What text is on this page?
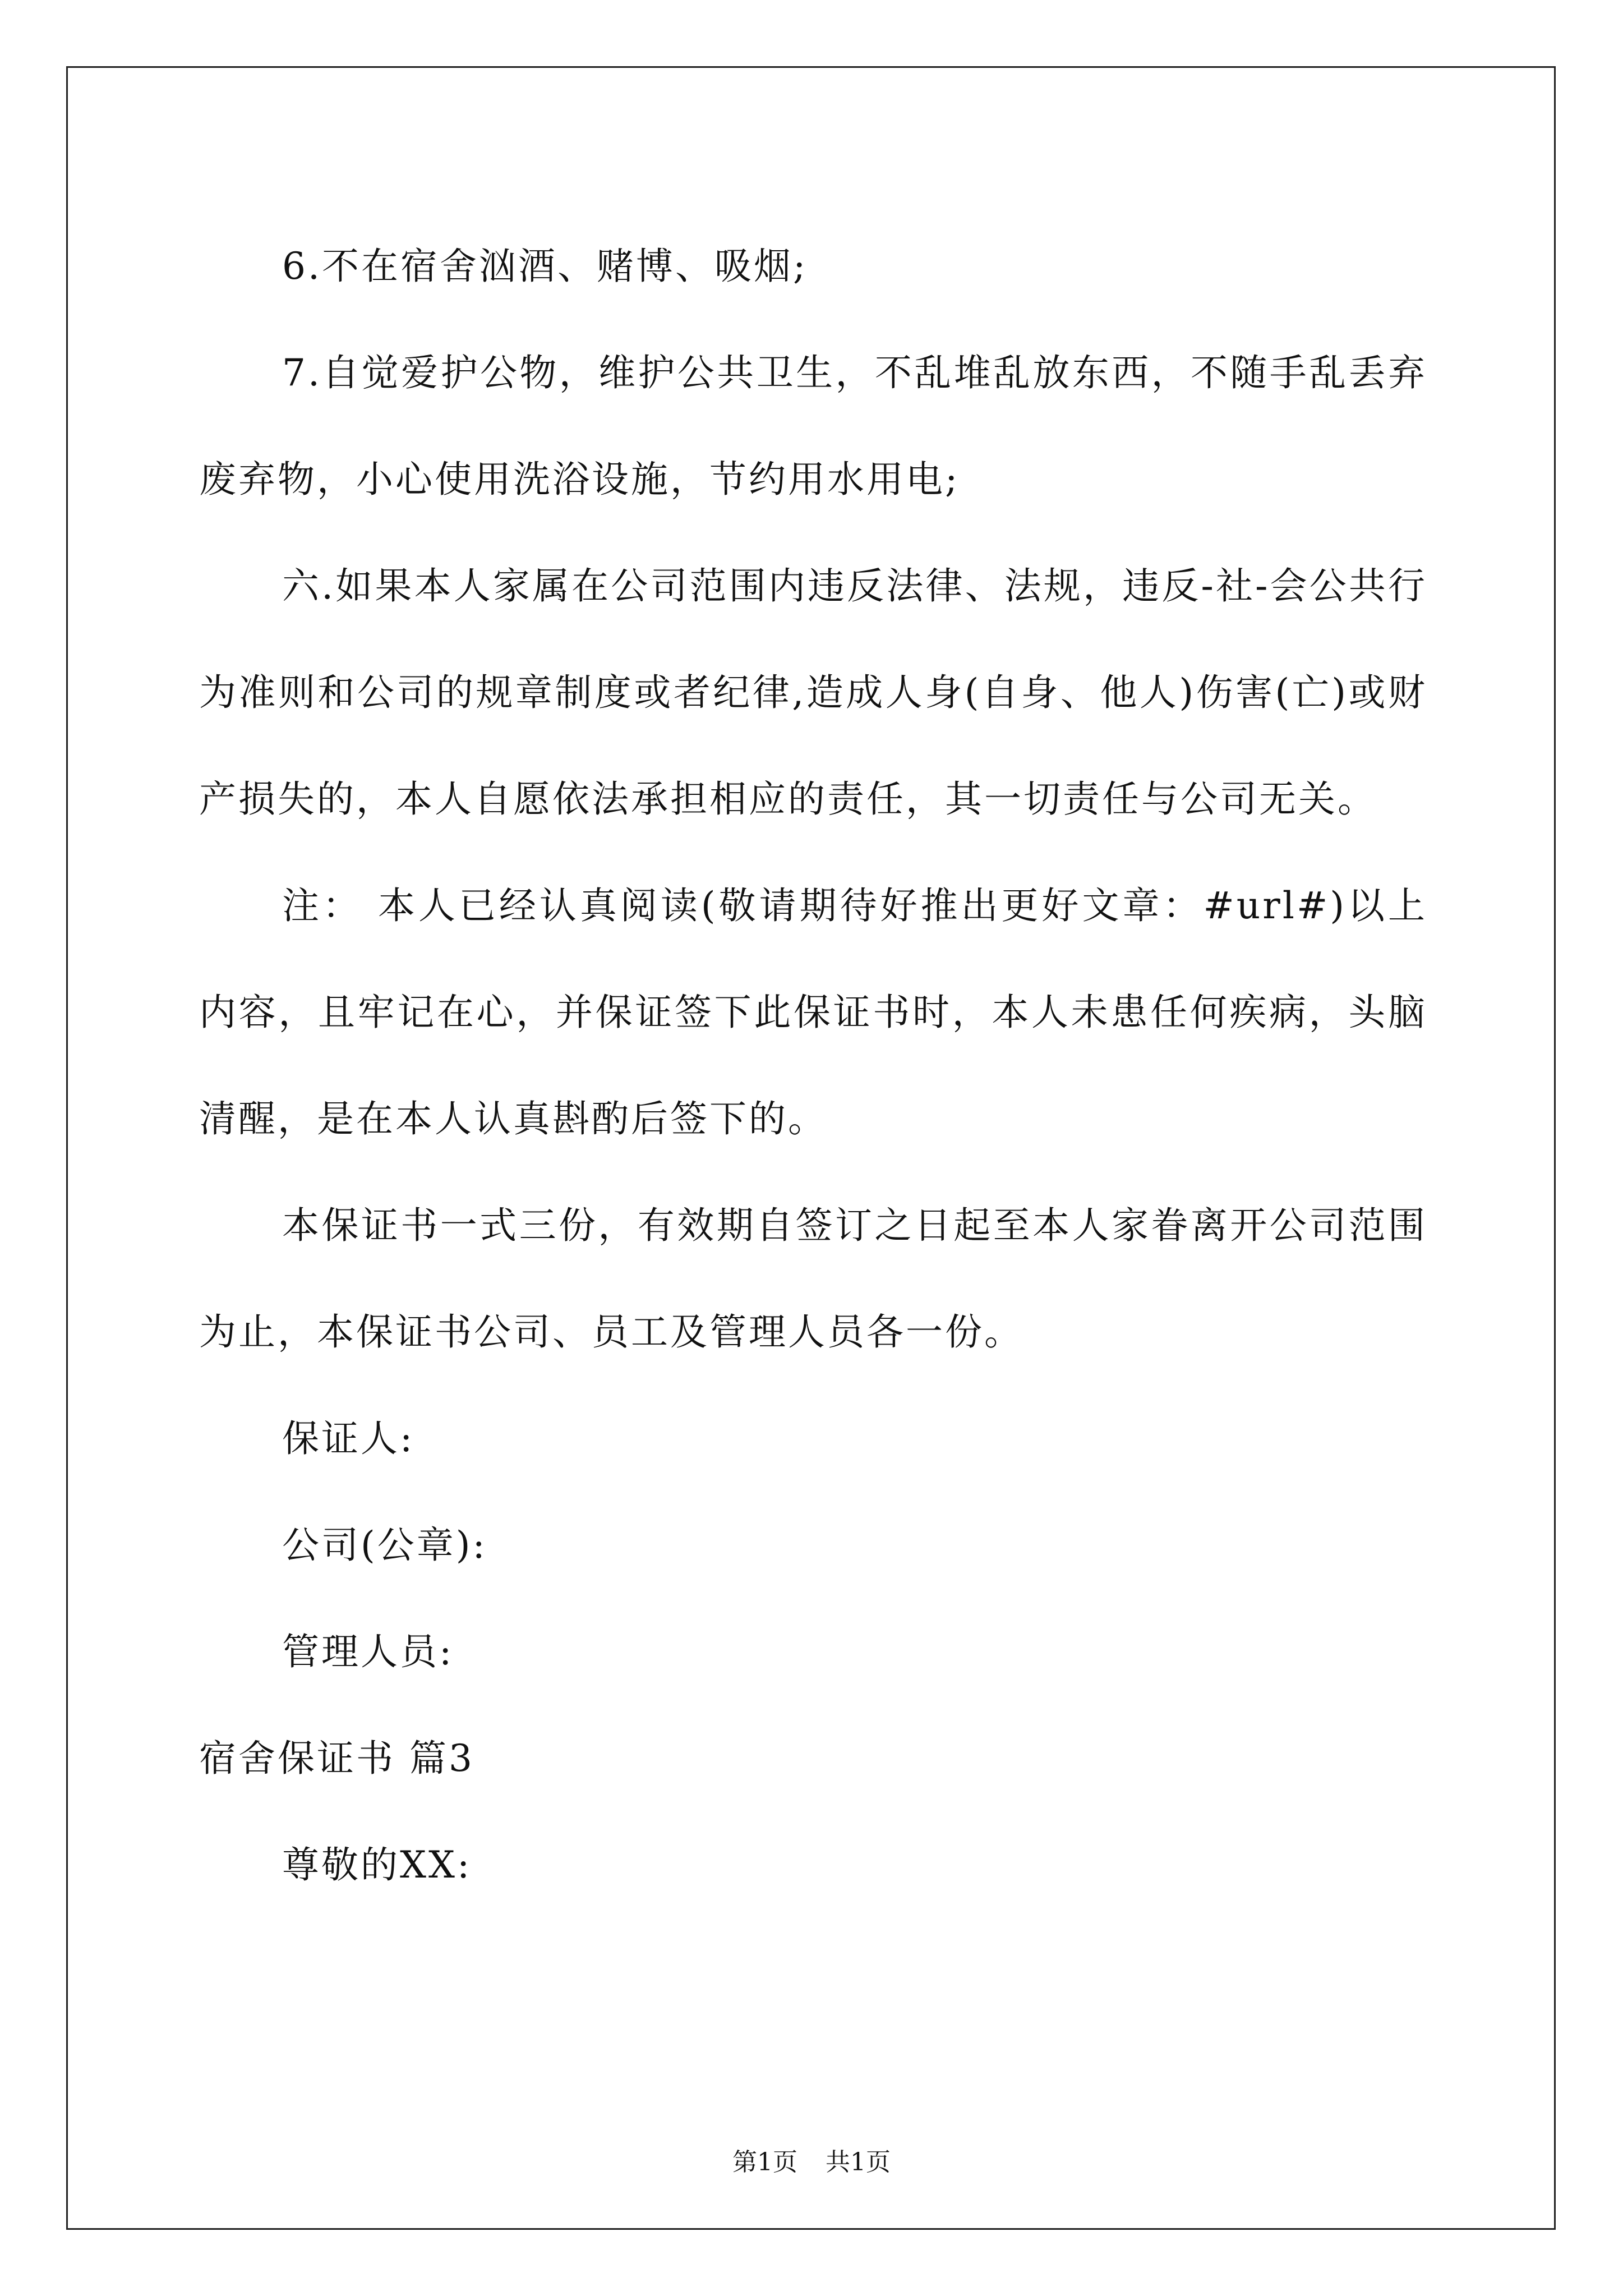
6.不在宿舍汹酒、赌博、吸烟;

7.自觉爱护公物，维护公共卫生，不乱堆乱放东西，不随手乱丢弃废弃物，小心使用洗浴设施，节约用水用电;

六.如果本人家属在公司范围内违反法律、法规，违反-社-会公共行为准则和公司的规章制度或者纪律,造成人身(自身、他人)伤害(亡)或财产损失的，本人自愿依法承担相应的责任，其一切责任与公司无关。

注： 本人已经认真阅读(敬请期待好推出更好文章：#url#)以上内容，且牢记在心，并保证签下此保证书时，本人未患任何疾病，头脑清醒，是在本人认真斟酌后签下的。

本保证书一式三份，有效期自签订之日起至本人家眷离开公司范围为止，本保证书公司、员工及管理人员各一份。

保证人:

公司(公章):

管理人员:

宿舍保证书 篇3

尊敬的XX:

第1页 共1页
